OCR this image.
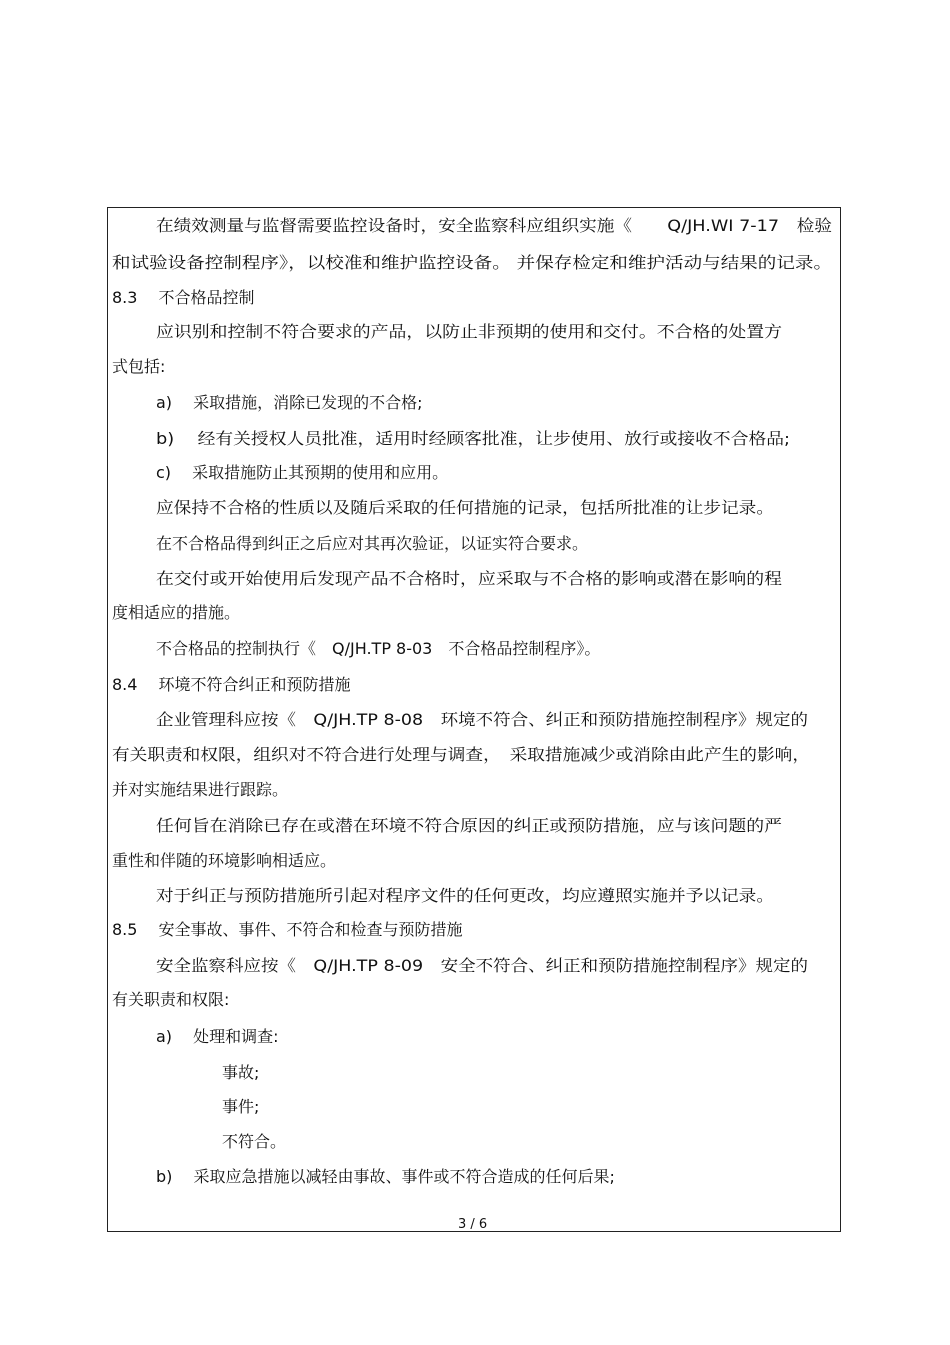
在绩效测量与监督需要监控设备时，安全监察科应组织实施《　　Q/JH.WI 7-17　检验
和试验设备控制程序》，以校准和维护监控设备。 并保存检定和维护活动与结果的记录。
8.3　 不合格品控制
应识别和控制不符合要求的产品，以防止非预期的使用和交付。不合格的处置方
式包括:
a)　 采取措施，消除已发现的不合格;
b)　 经有关授权人员批准，适用时经顾客批准，让步使用、放行或接收不合格品;
c)　 采取措施防止其预期的使用和应用。
应保持不合格的性质以及随后采取的任何措施的记录，包括所批准的让步记录。
在不合格品得到纠正之后应对其再次验证，以证实符合要求。
在交付或开始使用后发现产品不合格时，应采取与不合格的影响或潜在影响的程
度相适应的措施。
不合格品的控制执行《　Q/JH.TP 8-03　不合格品控制程序》。
8.4　 环境不符合纠正和预防措施
企业管理科应按《　Q/JH.TP 8-08　环境不符合、纠正和预防措施控制程序》规定的
有关职责和权限，组织对不符合进行处理与调查，　采取措施减少或消除由此产生的影响，
并对实施结果进行跟踪。
任何旨在消除已存在或潜在环境不符合原因的纠正或预防措施，应与该问题的严
重性和伴随的环境影响相适应。
对于纠正与预防措施所引起对程序文件的任何更改，均应遵照实施并予以记录。
8.5　 安全事故、事件、不符合和检查与预防措施
安全监察科应按《　Q/JH.TP 8-09　安全不符合、纠正和预防措施控制程序》规定的
有关职责和权限:
a)　 处理和调查:
事故;
事件;
不符合。
b)　 采取应急措施以减轻由事故、事件或不符合造成的任何后果;
3 / 6
